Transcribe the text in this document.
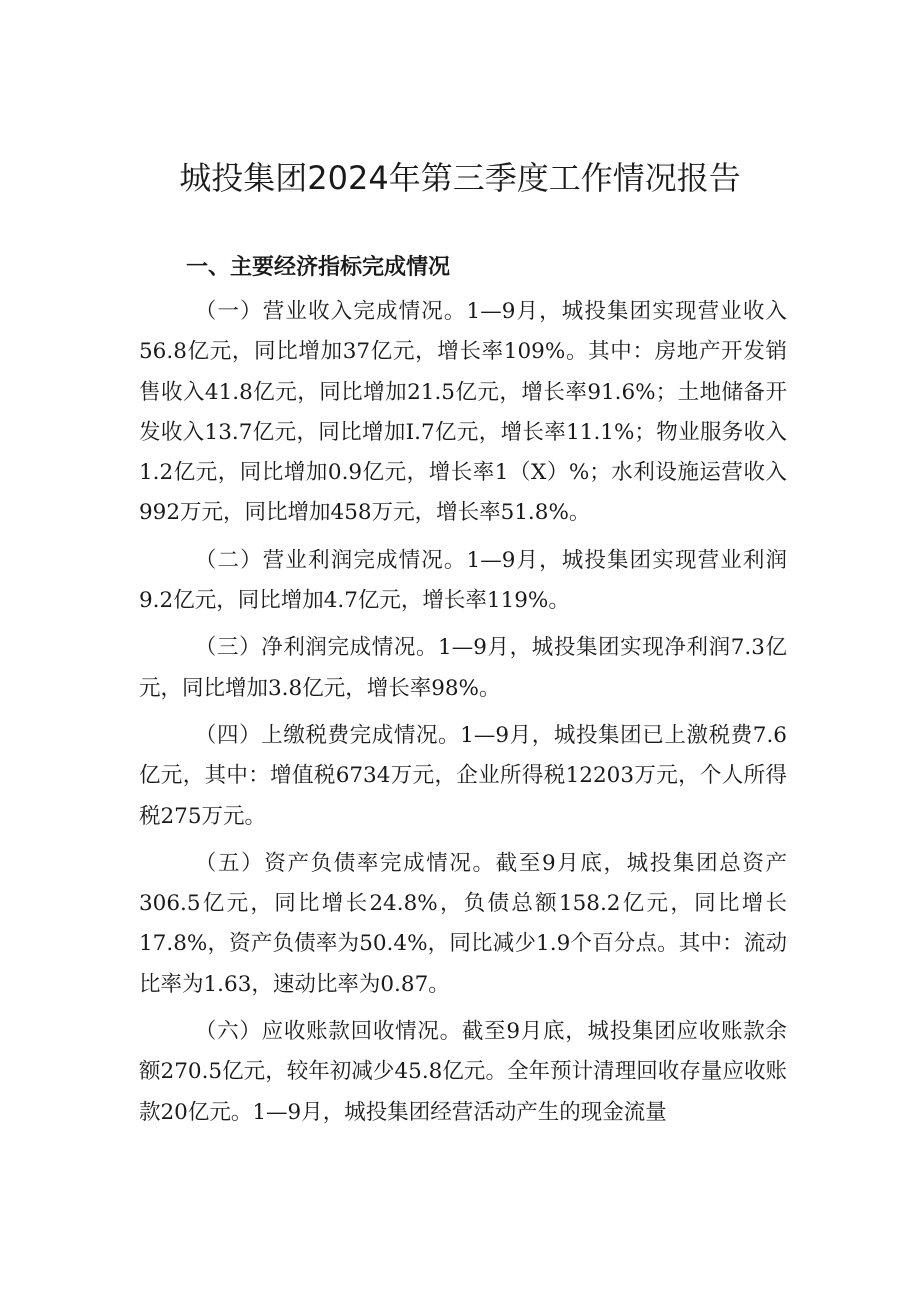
城投集团2024年第三季度工作情况报告
一、主要经济指标完成情况

（一）营业收入完成情况。1—9月，城投集团实现营业收入56.8亿元，同比增加37亿元，增长率109%。其中：房地产开发销售收入41.8亿元，同比增加21.5亿元，增长率91.6%；土地储备开发收入13.7亿元，同比增加I.7亿元，增长率11.1%；物业服务收入1.2亿元，同比增加0.9亿元，增长率1（X）%；水利设施运营收入992万元，同比增加458万元，增长率51.8%。

（二）营业利润完成情况。1—9月，城投集团实现营业利润9.2亿元，同比增加4.7亿元，增长率119%。

（三）净利润完成情况。1—9月，城投集团实现净利润7.3亿元，同比增加3.8亿元，增长率98%。

（四）上缴税费完成情况。1—9月，城投集团已上激税费7.6亿元，其中：增值税6734万元，企业所得税12203万元，个人所得税275万元。

（五）资产负债率完成情况。截至9月底，城投集团总资产306.5亿元，同比增长24.8%，负债总额158.2亿元，同比增长17.8%，资产负债率为50.4%，同比减少1.9个百分点。其中：流动比率为1.63，速动比率为0.87。

（六）应收账款回收情况。截至9月底，城投集团应收账款余额270.5亿元，较年初减少45.8亿元。全年预计清理回收存量应收账款20亿元。1—9月，城投集团经营活动产生的现金流量
